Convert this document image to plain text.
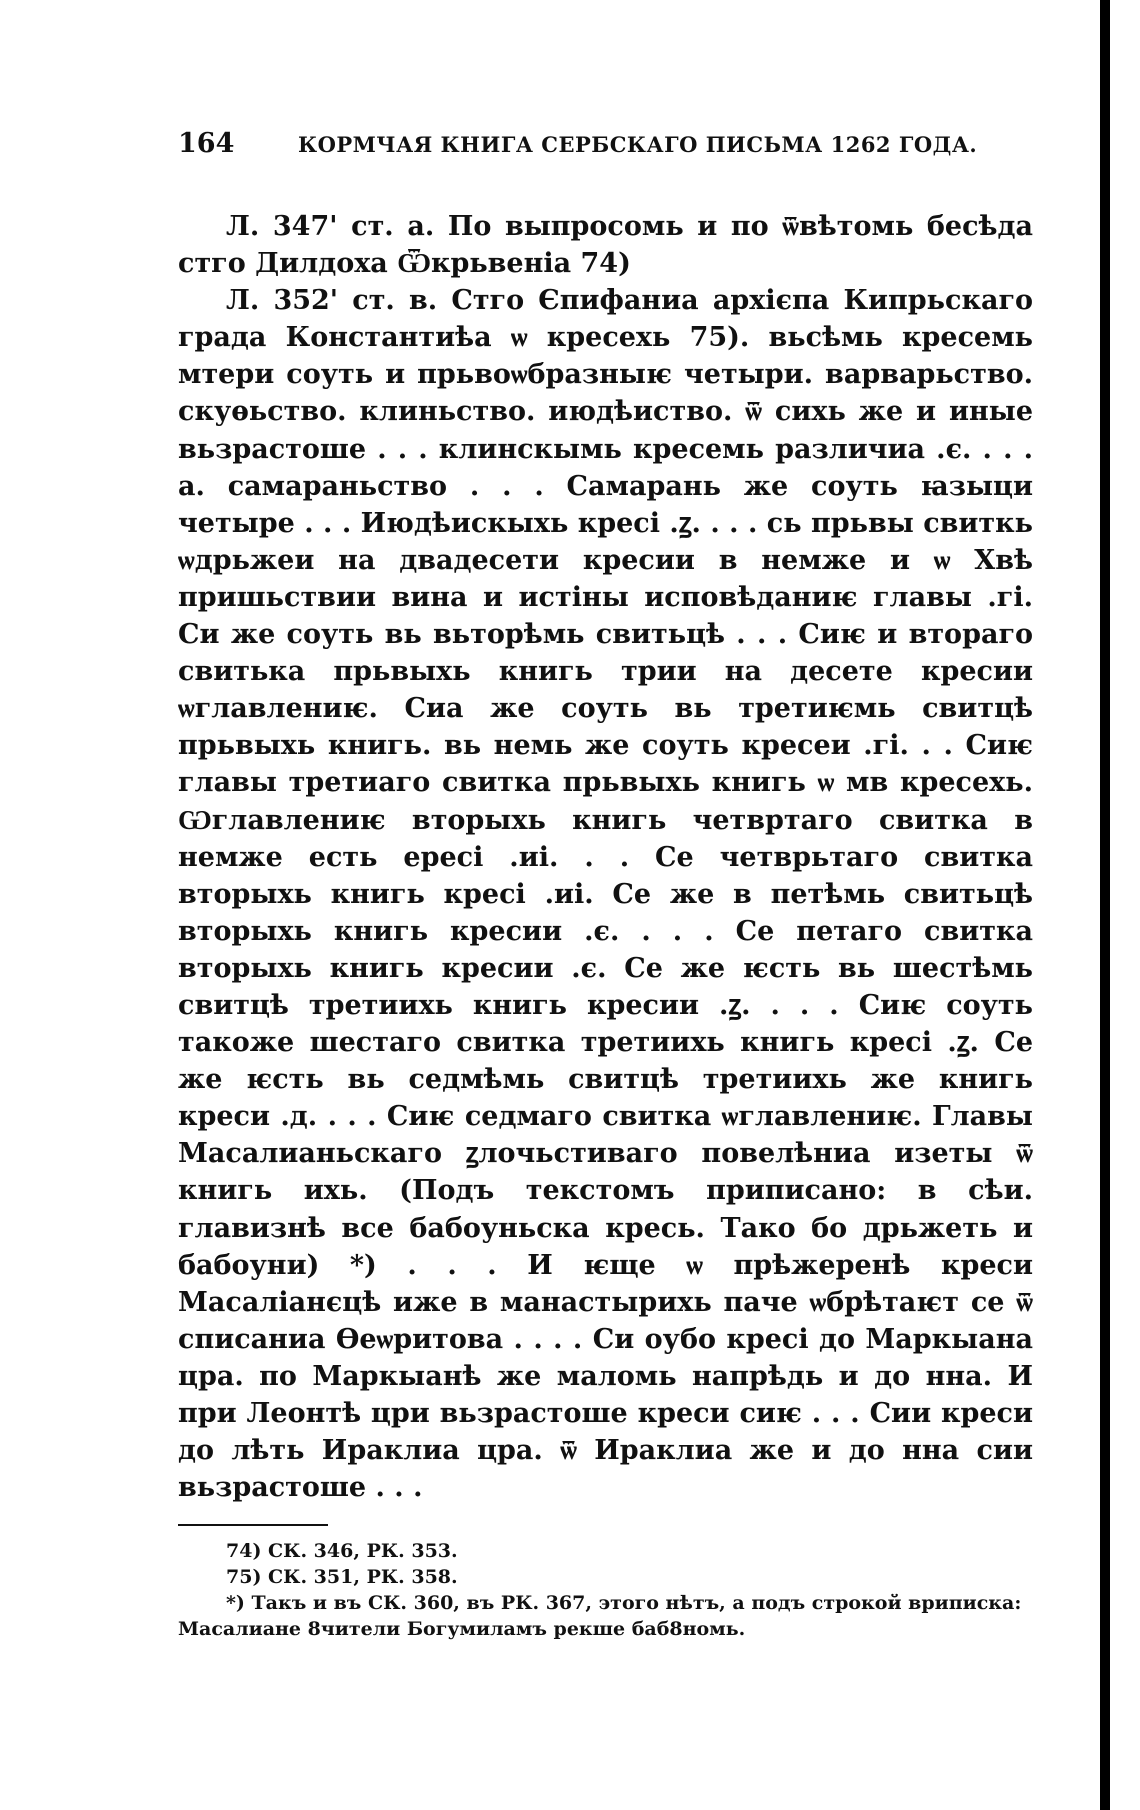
164	КОРМЧАЯ КНИГА СЕРБСКАГО ПИСЬМА 1262 ГОДА.

Л. 347' ст. а. По выпросомь и по ѿвѣтомь бесѣда стго Дилдоха Ѿкрьвеніа 74)

Л. 352' ст. в. Стго Єпифаниа архієпа Кипрьскаго града Константиѣа ѡ кресехь 75). вьсѣмь кресемь мтери соуть и прьвоѡбразныѥ четыри. варварьство. скуѳьство. клиньство. июдѣиство. ѿ сихь же и иные вьзрастоше . . . клинскымь кресемь различиа .є. . . . а. самараньство . . . Самарань же соуть ꙗзыци четыре . . . Июдѣискыхь кресі .ꙁ. . . . сь прьвы свиткь ѡдрьжеи на двадесети кресии в немже и ѡ Хвѣ пришьствии вина и истіны исповѣданиѥ главы .гі. Си же соуть вь вьторѣмь свитьцѣ . . . Сиѥ и втораго свитька прьвыхь книгь трии на десете кресии ѡглавлениѥ. Сиа же соуть вь третиѥмь свитцѣ прьвыхь книгь. вь немь же соуть кресеи .гі. . . Сиѥ главы третиаго свитка прьвыхь книгь ѡ мв кресехь. Ѡглавлениѥ вторыхь книгь четвртаго свитка в немже есть ересі .иі. . . Се четврьтаго свитка вторыхь книгь кресі .иі. Се же в петѣмь свитьцѣ вторыхь книгь кресии .є. . . . Се петаго свитка вторыхь книгь кресии .є. Се же ѥсть вь шестѣмь свитцѣ третиихь книгь кресии .ꙁ. . . . Сиѥ соуть такоже шестаго свитка третиихь книгь кресі .ꙁ. Се же ѥсть вь седмѣмь свитцѣ третиихь же книгь креси .д. . . . Сиѥ седмаго свитка ѡглавлениѥ. Главы Масалианьскаго ꙁлочьстиваго повелѣниа изеты ѿ книгь ихь. (Подъ текстомъ приписано: в сѣи. главизнѣ все бабоуньска кресь. Тако бо дрьжеть и бабоуни) *) . . . И ѥще ѡ прѣжеренѣ креси Масаліанєцѣ иже в манастырихь паче ѡбрѣтаѥт се ѿ списаниа Ѳеѡритова . . . . Си оубо кресі до Маркыана цра. по Маркыанѣ же маломь напрѣдь и до нна. И при Леонтѣ цри вьзрастоше креси сиѥ . . . Сии креси до лѣть Ираклиа цра. ѿ Ираклиа же и до нна сии вьзрастоше . . .

74) СК. 346, РК. 353.

75) СК. 351, РК. 358.

*) Такъ и въ СК. 360, въ РК. 367, этого нѣтъ, а подъ строкой вриписка: Масалиане 8чители Богумиламъ рекше баб8номь.
